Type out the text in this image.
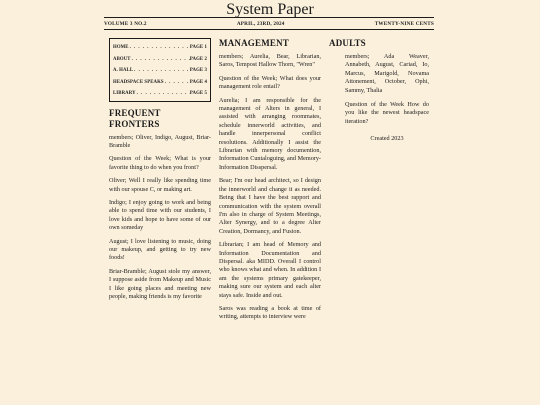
System Paper
VOLUME 3 NO.2	APRIL, 23RD, 2024	TWENTY-NINE CENTS
HOME . . .	PAGE 1
ABOUT . . .	PAGE 2
A. HALL . . .	PAGE 3
HEADSPACE SPEAKS . . .	PAGE 4
LIBRARY . . .	PAGE 5
FREQUENT FRONTERS

members; Oliver, Indigo, August, Briar-Bramble

Question of the Week; What is your favorite thing to do when you front?

Oliver; Well I really like spending time with our spouse C, or making art.

Indigo; I enjoy going to work and being able to spend time with our students, I love kids and hope to have some of our own someday

August; I love listening to music, doing our makeup, and getting to try new foods!

Briar-Bramble; August stole my answer, I suppose aside from Makeup and Music I like going places and meeting new people, making friends is my favorite

MANAGEMENT

members; Aurelia, Bear, Librarian, Saros, Tempost Hallow Thorn, "Wren"

Question of the Week; What does your management role entail?

Aurelia; I am responsible for the management of Alters in general, I assisted with arranging roommates, schedule innerworld activities, and handle innerpersonal conflict resolutions. Additionally I assist the Librarian with memory documention, Information Cuntaloguing, and Memory-Information Disspersal.

Bear; I'm our head architect, so I design the innerworld and change it as needed. Being that I have the best rapport and communication with the system overall I'm also in charge of System Meetings, Alter Synergy, and to a degree Alter Creation, Dormancy, and Fusion.

Librarian; I am head of Memory and Information Documentation and Dispersal. aka MIDD. Overall I control who knows what and when. In addition I am the systems primary gatekeeper, making sure our system and each alter stays safe. Inside and out.

Saros was reading a book at time of writing, attempts to interview were

ADULTS

members; Ada Weaver, Annabeth, August, Cariad, Io, Marcus, Marigold, Novama Attonement, October, Ophi, Sammy, Thalia

Question of the Week How do you like the newest headspace iteration?

Created 2023
